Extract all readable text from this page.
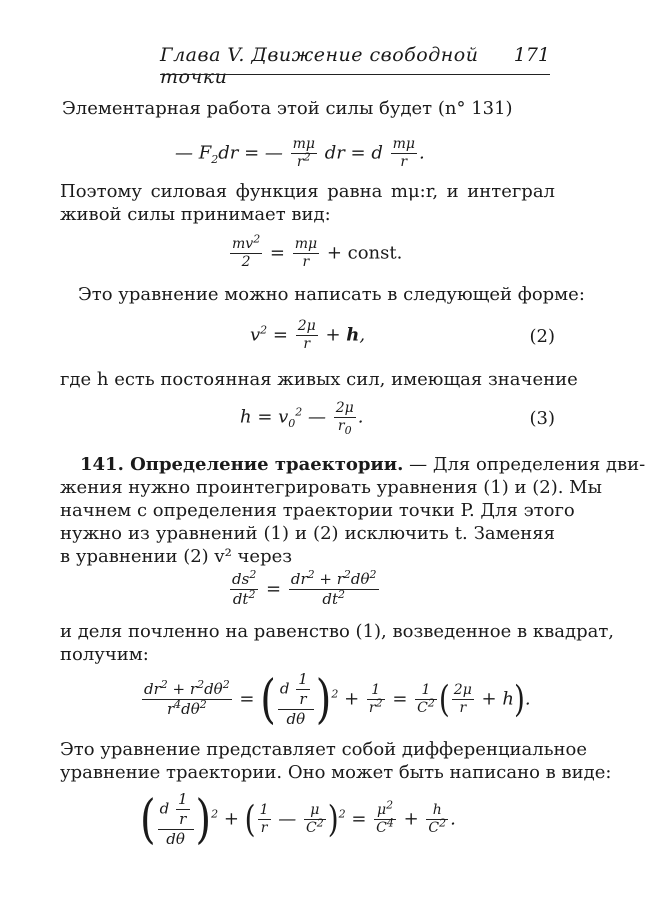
Глава V. Движение свободной точки
171
Элементарная работа этой силы будет (n° 131)
— $F_2dr$ = — $\frac{m\mu}{r^2}$ dr = d $\frac{m\mu}{r}$ .
Поэтому силовая функция равна mμ:r, и интеграл
живой силы принимает вид:
$\frac{mv^2}{2} = \frac{m\mu}{r}$ + const.
Это уравнение можно написать в следующей форме:
$v^2 = \frac{2\mu}{r} + h$,	(2)
где h есть постоянная живых сил, имеющая значение
$h = v_0^2$ — $\frac{2\mu}{r_0}$ .	(3)
141. Определение траектории. — Для определения дви-
жения нужно проинтегрировать уравнения (1) и (2). Мы
начнем с определения траектории точки P. Для этого
нужно из уравнений (1) и (2) исключить t. Заменяя
в уравнении (2) v² через
$\frac{ds^2}{dt^2} = \frac{dr^2 + r^2d\theta^2}{dt^2}$
и деля почленно на равенство (1), возведенное в квадрат,
получим:
$\frac{dr^2 + r^2d\theta^2}{r^4d\theta^2}$ = ( $\frac{d \frac{1}{r}}{d\theta} )^2 + \frac{1}{r^2} = \frac{1}{C^2}$ ( $\frac{2\mu}{r} + h$).
Это уравнение представляет собой дифференциальное
уравнение траектории. Оно может быть написано в виде:
( $\frac{d \frac{1}{r}}{d\theta} )^2$ + ( $\frac{1}{r}$ — $\frac{\mu}{C^2} )^2 = \frac{\mu^2}{C^4} + \frac{h}{C^2}$ .
